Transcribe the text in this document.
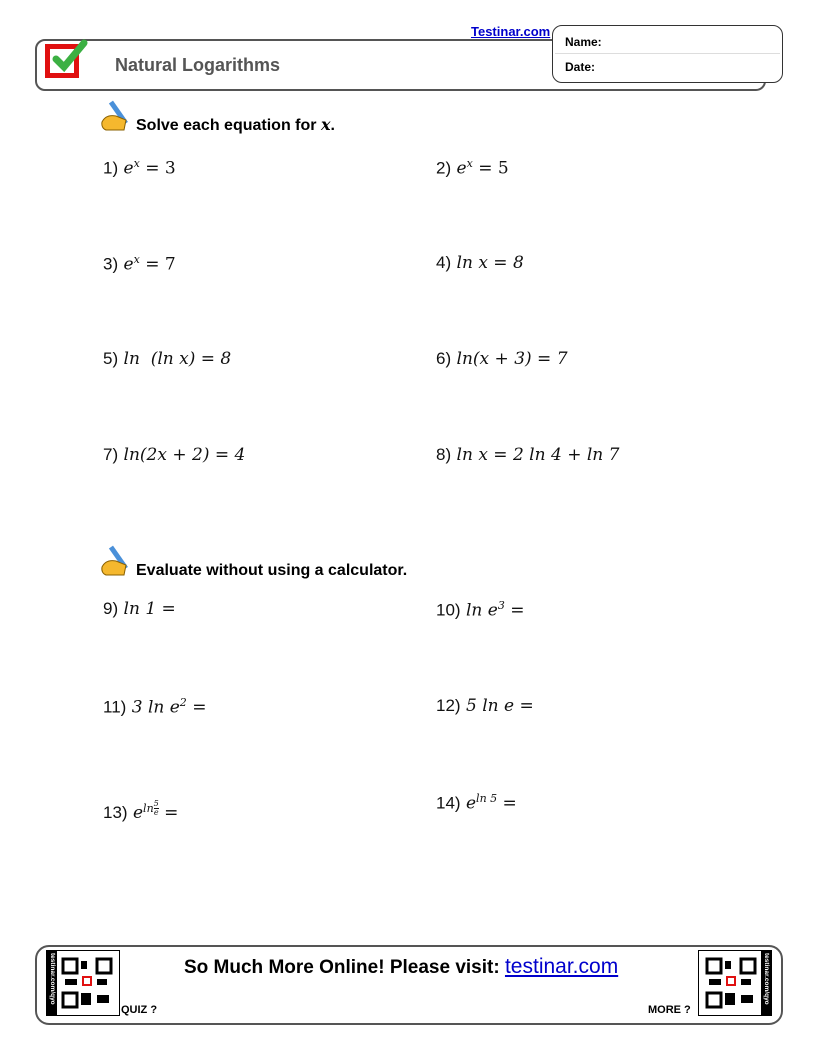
Natural Logarithms
Testinar.com
Name:
Date:
Solve each equation for x.
Evaluate without using a calculator.
1) $e^x = 3$	2) $e^x = 5$
3) $e^x = 7$	4) ln x = 8
5) ln  (ln x) = 8	6) ln(x + 3) = 7
7) ln(2x + 2) = 4	8) ln x = 2 ln 4 + ln 7
9) ln 1 =	10) $\ln e^3$ =
11) 3 $\ln e^2$ =	12) 5 ln e =
13) $e^{ln \frac{5}{e}}$ =	14) $e^{ln 5}$ =
testinar.com/qyo	testinar.com/qyo
So Much More Online! Please visit: testinar.com
QUIZ ?	MORE ?
